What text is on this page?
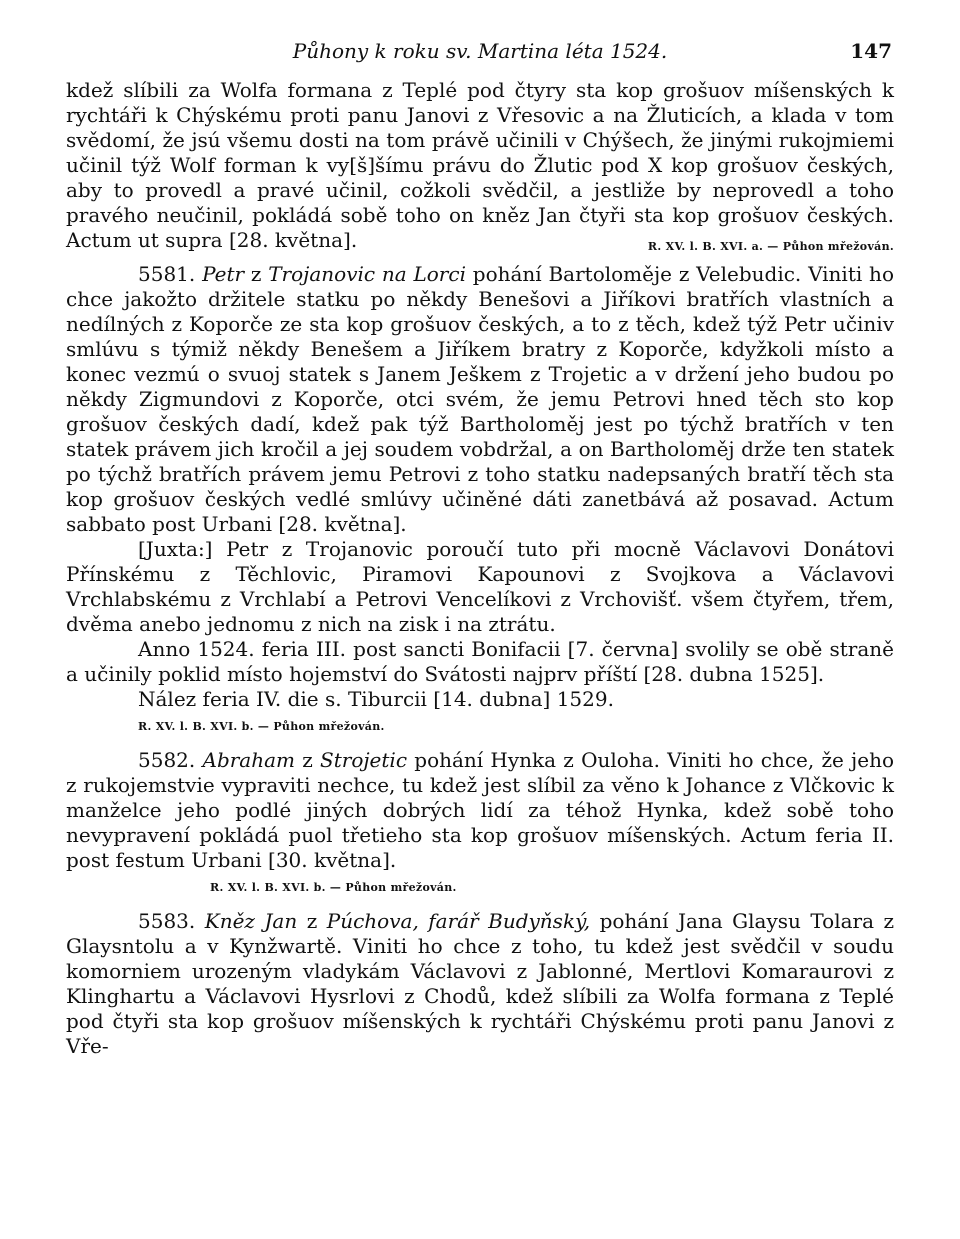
Půhony k roku sv. Martina léta 1524.	147

kdež slíbili za Wolfa formana z Teplé pod čtyry sta kop grošuov míšenských k rychtáři k Chýskému proti panu Janovi z Vřesovic a na Žluticích, a klada v tom svědomí, že jsú všemu dosti na tom právě učinili v Chýšech, že jinými rukojmiemi učinil týž Wolf forman k vy[š]šímu právu do Žlutic pod X kop grošuov českých, aby to provedl a pravé učinil, cožkoli svědčil, a jestliže by neprovedl a toho pravého neučinil, pokládá sobě toho on kněz Jan čtyři sta kop grošuov českých. Actum ut supra [28. května].	R. XV. l. B. XVI. a. — Půhon mřežován.

5581. Petr z Trojanovic na Lorci pohání Bartoloměje z Velebudic. Viniti ho chce jakožto držitele statku po někdy Benešovi a Jiříkovi bratřích vlastních a nedílných z Koporče ze sta kop grošuov českých, a to z těch, kdež týž Petr učiniv smlúvu s týmiž někdy Benešem a Jiříkem bratry z Koporče, kdyžkoli místo a konec vezmú o svuoj statek s Janem Ješkem z Trojetic a v držení jeho budou po někdy Zigmundovi z Koporče, otci svém, že jemu Petrovi hned těch sto kop grošuov českých dadí, kdež pak týž Bartholoměj jest po týchž bratřích v ten statek právem jich kročil a jej soudem vobdržal, a on Bartholoměj drže ten statek po týchž bratřích právem jemu Petrovi z toho statku nadepsaných bratří těch sta kop grošuov českých vedlé smlúvy učiněné dáti zanetbává až posavad. Actum sabbato post Urbani [28. května].

[Juxta:] Petr z Trojanovic poroučí tuto při mocně Václavovi Donátovi Přínskému z Těchlovic, Piramovi Kapounovi z Svojkova a Václavovi Vrchlabskému z Vrchlabí a Petrovi Vencelíkovi z Vrchovišť. všem čtyřem, třem, dvěma anebo jednomu z nich na zisk i na ztrátu.

Anno 1524. feria III. post sancti Bonifacii [7. června] svolily se obě straně a učinily poklid místo hojemství do Svátosti najprv příští [28. dubna 1525].

Nález feria IV. die s. Tiburcii [14. dubna] 1529.
R. XV. l. B. XVI. b. — Půhon mřežován.

5582. Abraham z Strojetic pohání Hynka z Ouloha. Viniti ho chce, že jeho z rukojemstvie vypraviti nechce, tu kdež jest slíbil za věno k Johance z Vlčkovic k manželce jeho podlé jiných dobrých lidí za téhož Hynka, kdež sobě toho nevypravení pokládá puol třetieho sta kop grošuov míšenských. Actum feria II. post festum Urbani [30. května].
R. XV. l. B. XVI. b. — Půhon mřežován.

5583. Kněz Jan z Púchova, farář Budyňský, pohání Jana Glaysu Tolara z Glaysntolu a v Kynžwartě. Viniti ho chce z toho, tu kdež jest svědčil v soudu komorniem urozeným vladykám Václavovi z Jablonné, Mertlovi Komaraurovi z Klinghartu a Václavovi Hysrlovi z Chodů, kdež slíbili za Wolfa formana z Teplé pod čtyři sta kop grošuov míšenských k rychtáři Chýskému proti panu Janovi z Vře-
